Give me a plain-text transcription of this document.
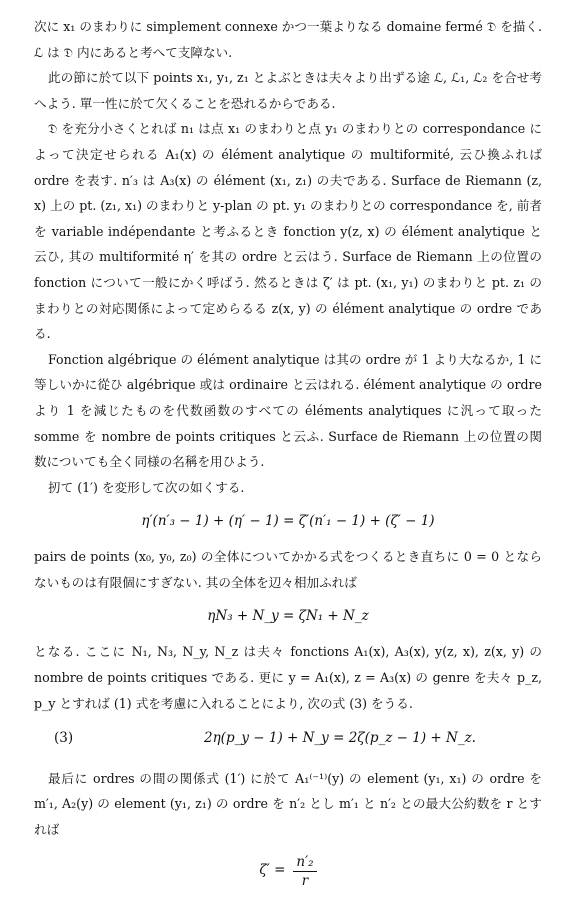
次に x₁ のまわりに simplement connexe かつ一葉よりなる domaine fermé 𝔇 を描く. ℒ は 𝔇 内にあると考へて支障ない.

此の節に於て以下 points x₁, y₁, z₁ とよぶときは夫々より出ずる途 ℒ, ℒ₁, ℒ₂ を合せ考へよう. 單一性に於て欠くることを恐れるからである.

𝔇 を充分小さくとれば n₁ は点 x₁ のまわりと点 y₁ のまわりとの correspondance によって決定せられる A₁(x) の élément analytique の multiformité, 云ひ換ふれば ordre を表す. n′₃ は A₃(x) の élément (x₁, z₁) の夫である. Surface de Riemann (z, x) 上の pt. (z₁, x₁) のまわりと y-plan の pt. y₁ のまわりとの correspondance を, 前者を variable indépendante と考ふるとき fonction y(z, x) の élément analytique と云ひ, 其の multiformité η′ を其の ordre と云はう. Surface de Riemann 上の位置の fonction について一般にかく呼ばう. 然るときは ζ′ は pt. (x₁, y₁) のまわりと pt. z₁ のまわりとの対応関係によって定めらるる z(x, y) の élément analytique の ordre である.

Fonction algébrique の élément analytique は其の ordre が 1 より大なるか, 1 に等しいかに從ひ algébrique 或は ordinaire と云はれる. élément analytique の ordre より 1 を減じたものを代数函数のすべての éléments analytiques に汎って取った somme を nombre de points critiques と云ふ. Surface de Riemann 上の位置の関数についても全く同様の名稱を用ひよう.

扨て (1′) を変形して次の如くする.

η′(n′₃ − 1) + (η′ − 1) = ζ′(n′₁ − 1) + (ζ′ − 1)

pairs de points (x₀, y₀, z₀) の全体についてかかる式をつくるとき直ちに 0 = 0 とならないものは有限個にすぎない. 其の全体を辺々相加ふれば

ηN₃ + N_y = ζN₁ + N_z

となる. ここに N₁, N₃, N_y, N_z は夫々 fonctions A₁(x), A₃(x), y(z, x), z(x, y) の nombre de points critiques である. 更に y = A₁(x), z = A₃(x) の genre を夫々 p_z, p_y とすれば (1) 式を考慮に入れることにより, 次の式 (3) をうる.

(3)	2η(p_y − 1) + N_y = 2ζ(p_z − 1) + N_z.

最后に ordres の間の関係式 (1′) に於て A₁⁽⁻¹⁾(y) の element (y₁, x₁) の ordre を m′₁, A₂(y) の element (y₁, z₁) の ordre を n′₂ とし m′₁ と n′₂ との最大公約数を r とすれば

$\zeta' = \frac{\text{n′₂}}{r}$
